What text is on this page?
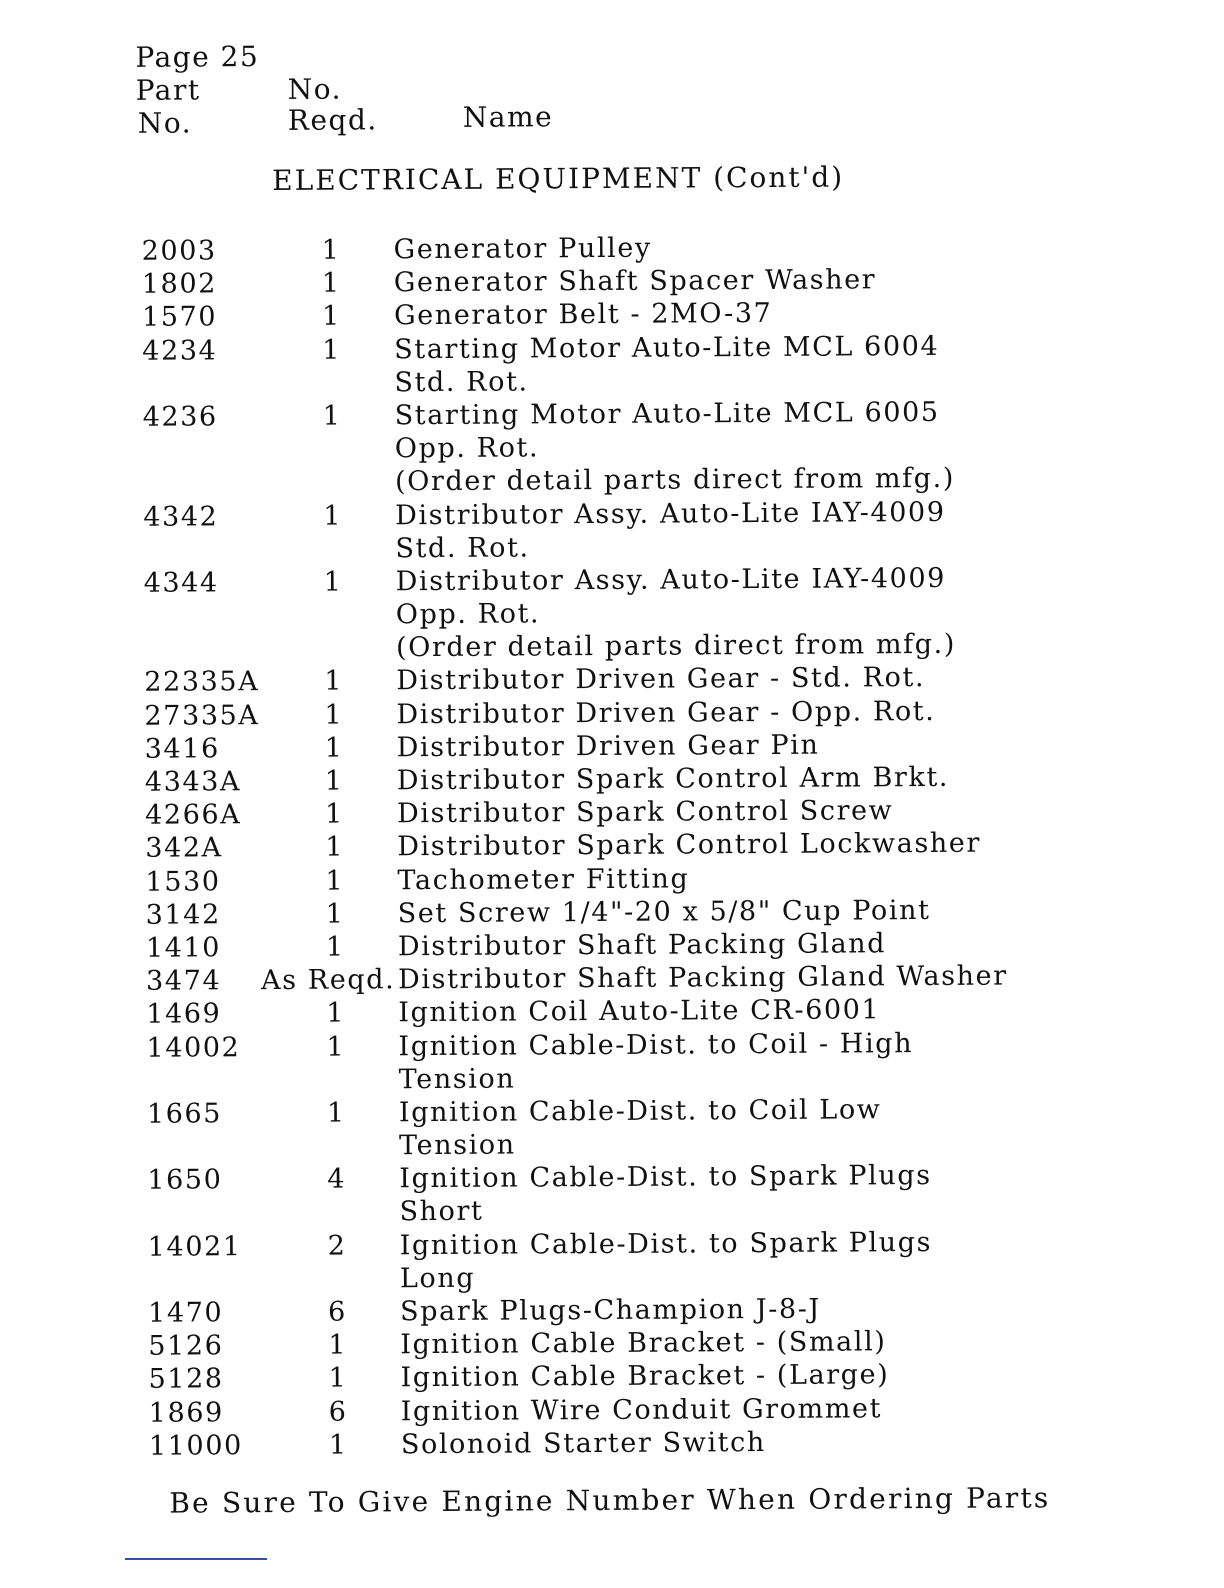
Page 25
Part	No.
No.	Reqd.	Name
ELECTRICAL EQUIPMENT (Cont'd)
2003	1	Generator Pulley
1802	1	Generator Shaft Spacer Washer
1570	1	Generator Belt - 2MO-37
4234	1	Starting Motor Auto-Lite MCL 6004
Std. Rot.
4236	1	Starting Motor Auto-Lite MCL 6005
Opp. Rot.
(Order detail parts direct from mfg.)
4342	1	Distributor Assy. Auto-Lite IAY-4009
Std. Rot.
4344	1	Distributor Assy. Auto-Lite IAY-4009
Opp. Rot.
(Order detail parts direct from mfg.)
22335A 1	Distributor Driven Gear - Std. Rot.
27335A 1	Distributor Driven Gear - Opp. Rot.
3416	1	Distributor Driven Gear Pin
4343A	1	Distributor Spark Control Arm Brkt.
4266A	1	Distributor Spark Control Screw
342A	1	Distributor Spark Control Lockwasher
1530	1	Tachometer Fitting
3142	1	Set Screw 1/4"-20 x 5/8" Cup Point
1410	1	Distributor Shaft Packing Gland
3474	As Reqd. Distributor Shaft Packing Gland Washer
1469	1	Ignition Coil Auto-Lite CR-6001
14002	1	Ignition Cable-Dist. to Coil - High
Tension
1665	1	Ignition Cable-Dist. to Coil Low
Tension
1650	4	Ignition Cable-Dist. to Spark Plugs
Short
14021	2	Ignition Cable-Dist. to Spark Plugs
Long
1470	6	Spark Plugs-Champion J-8-J
5126	1	Ignition Cable Bracket - (Small)
5128	1	Ignition Cable Bracket - (Large)
1869	6	Ignition Wire Conduit Grommet
11000	1	Solonoid Starter Switch
Be Sure To Give Engine Number When Ordering Parts
